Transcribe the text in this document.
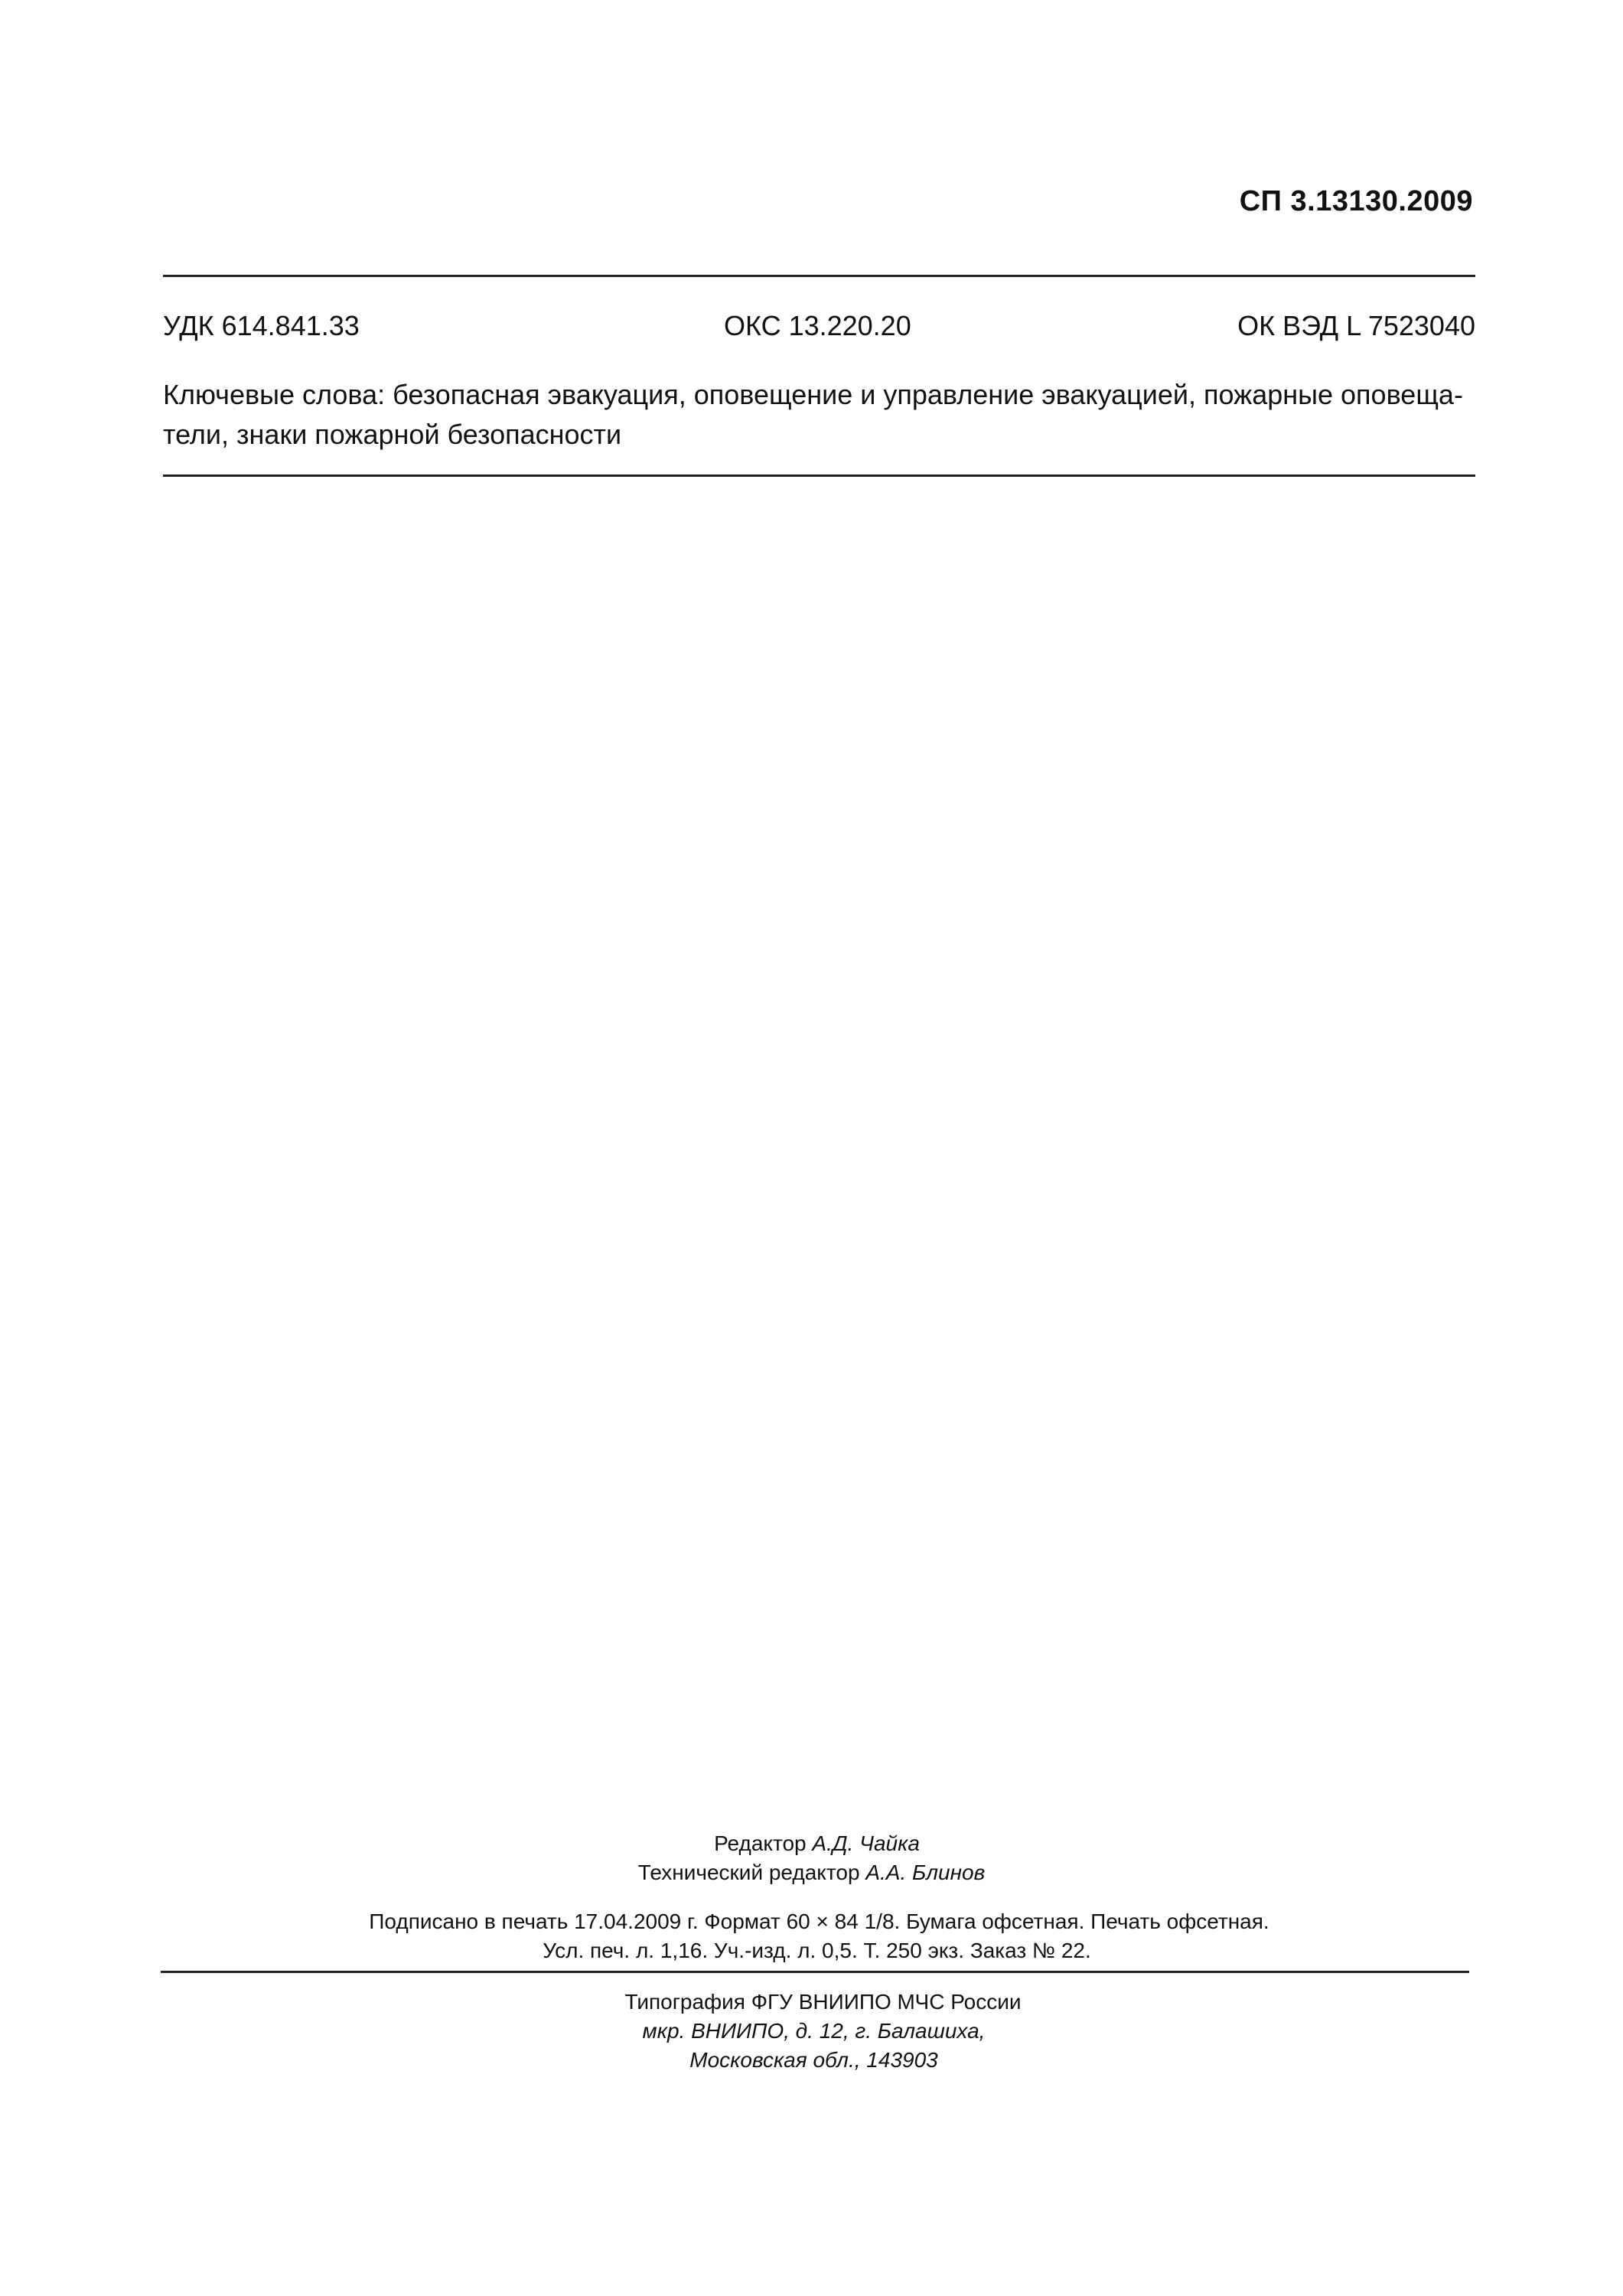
СП 3.13130.2009
УДК 614.841.33	ОКС 13.220.20	ОК ВЭД L 7523040

Ключевые слова: безопасная эвакуация, оповещение и управление эвакуацией, пожарные оповеща-

тели, знаки пожарной безопасности

Редактор А.Д. Чайка

Технический редактор А.А. Блинов

Подписано в печать 17.04.2009 г. Формат 60 × 84 1/8. Бумага офсетная. Печать офсетная.

Усл. печ. л. 1,16. Уч.-изд. л. 0,5. Т. 250 экз. Заказ № 22.

Типография ФГУ ВНИИПО МЧС России

мкр. ВНИИПО, д. 12, г. Балашиха,

Московская обл., 143903
